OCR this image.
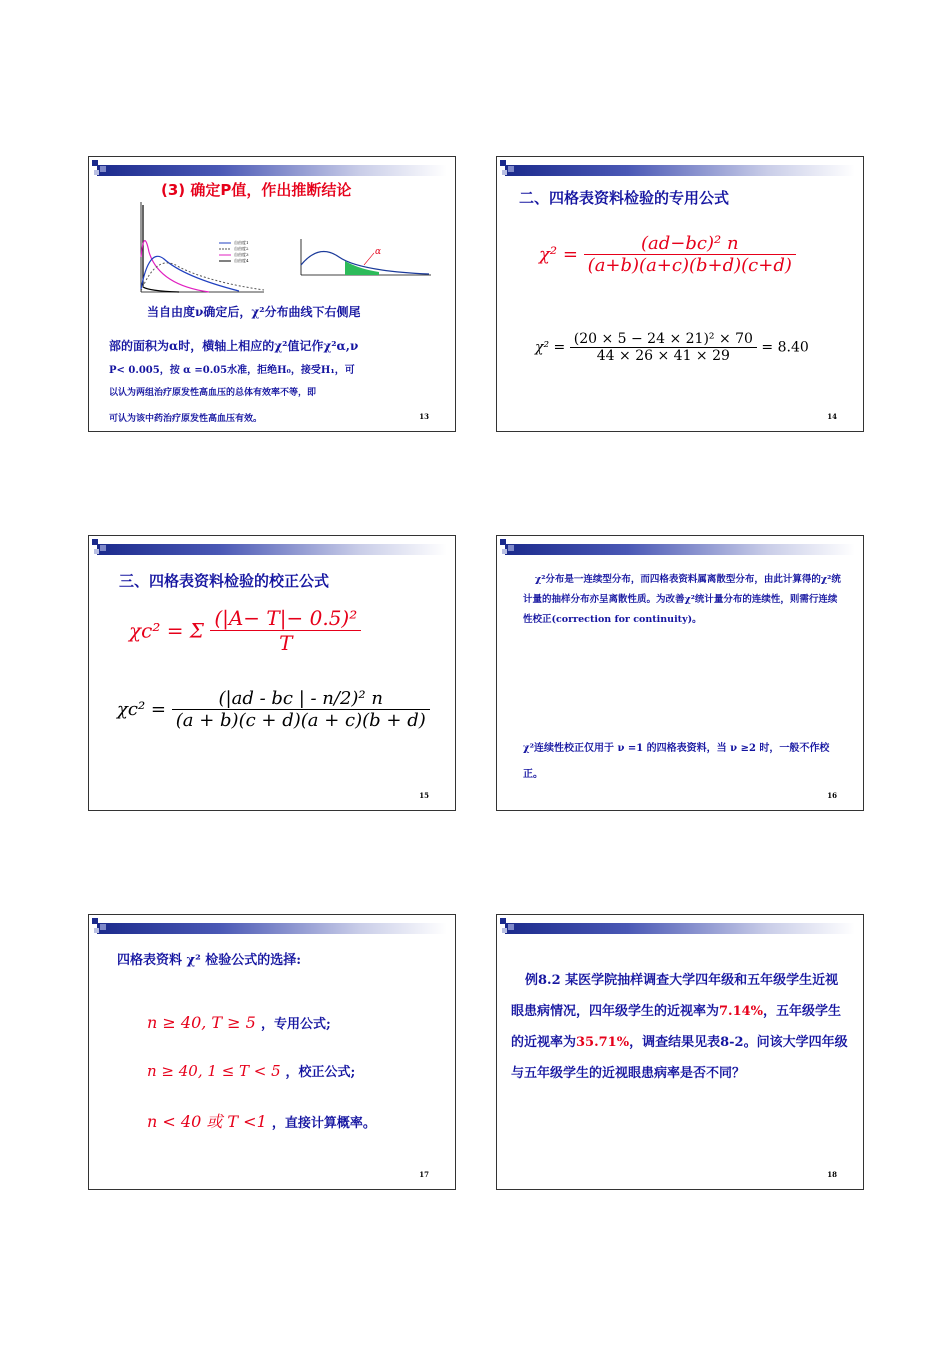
(3) 确定P值，作出推断结论
自由度1
自由度2
自由度3
自由度4
α
当自由度ν确定后，χ²分布曲线下右侧尾
部的面积为α时，横轴上相应的χ²值记作χ²α,ν
P< 0.005，按 α =0.05水准，拒绝H₀，接受H₁，可
以认为两组治疗原发性高血压的总体有效率不等，即
可认为该中药治疗原发性高血压有效。	13
二、四格表资料检验的专用公式
$\chi^2 = \frac{\text{(ad−bc)² n}}{(a+b)(a+c)(b+d)(c+d)}$
$\chi^2 = \frac{\text{(20 × 5 − 24 × 21)² × 70}}{44 \times 26 \times 41 \times 29} = 8.40$
14
三、四格表资料检验的校正公式
χc² = Σ $\frac{\text{(|A− T|− 0.5)²}}{T}$
$\chi c^2 = \frac{\text{(|ad - bc | - n/2)² n}}{(a + b)(c + d)(a + c)(b + d)}$
15
χ²分布是一连续型分布，而四格表资料属离散型分布，由此计算得的χ²统计量的抽样分布亦呈离散性质。为改善χ²统计量分布的连续性，则需行连续性校正(correction for continuity)。
χ²连续性校正仅用于 ν =1 的四格表资料，当 ν ≥2 时，一般不作校正。
16
四格表资料 χ² 检验公式的选择:
n ≥ 40, T ≥ 5 ，专用公式;
n ≥ 40, 1 ≤ T < 5 ，校正公式;
n < 40 或 T <1 ，直接计算概率。
17
例8.2 某医学院抽样调查大学四年级和五年级学生近视眼患病情况，四年级学生的近视率为7.14%，五年级学生的近视率为35.71%，调查结果见表8-2。问该大学四年级与五年级学生的近视眼患病率是否不同？
18
